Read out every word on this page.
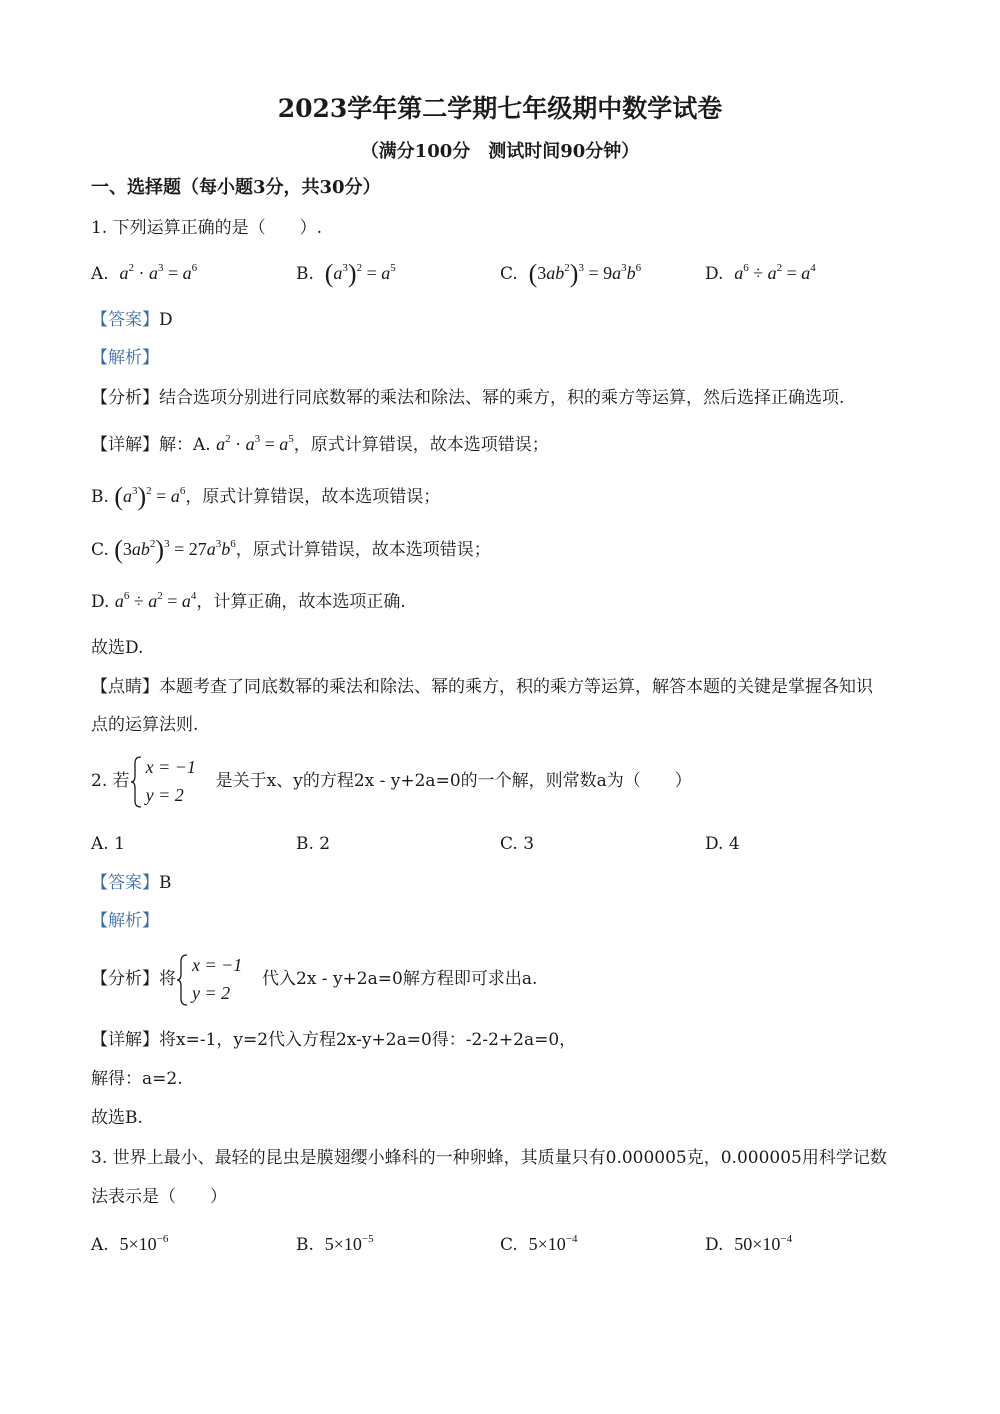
2023学年第二学期七年级期中数学试卷
（满分100分　测试时间90分钟）
一、选择题（每小题3分，共30分）
1. 下列运算正确的是（　　）.
A. $a^2 \cdot a^3 = a^6$	B. $(a^3)^2 = a^5$	C. $(3ab^2)^3 = 9a^3b^6$	D. $a^6 \div a^2 = a^4$
【答案】D
【解析】
【分析】结合选项分别进行同底数幂的乘法和除法、幂的乘方，积的乘方等运算，然后选择正确选项.
【详解】解：A. $a^2 \cdot a^3 = a^5$，原式计算错误，故本选项错误；
B. $(a^3)^2 = a^6$，原式计算错误，故本选项错误；
C. $(3ab^2)^3 = 27a^3b^6$，原式计算错误，故本选项错误；
D. $a^6 \div a^2 = a^4$，计算正确，故本选项正确.
故选D.
【点睛】本题考查了同底数幂的乘法和除法、幂的乘方，积的乘方等运算，解答本题的关键是掌握各知识
点的运算法则.
2. 若
x = −1
y = 2
是关于x、y的方程2x - y+2a=0的一个解，则常数a为（　　）
A. 1	B. 2	C. 3	D. 4
【答案】B
【解析】
【分析】将
x = −1
y = 2
代入2x - y+2a=0解方程即可求出a.
【详解】将x=-1，y=2代入方程2x-y+2a=0得：-2-2+2a=0，
解得：a=2.
故选B.
3. 世界上最小、最轻的昆虫是膜翅缨小蜂科的一种卵蜂，其质量只有0.000005克，0.000005用科学记数
法表示是（　　）
A. $5\times 10^{-6}$	B. $5\times 10^{-5}$	C. $5\times 10^{-4}$	D. $50\times 10^{-4}$
